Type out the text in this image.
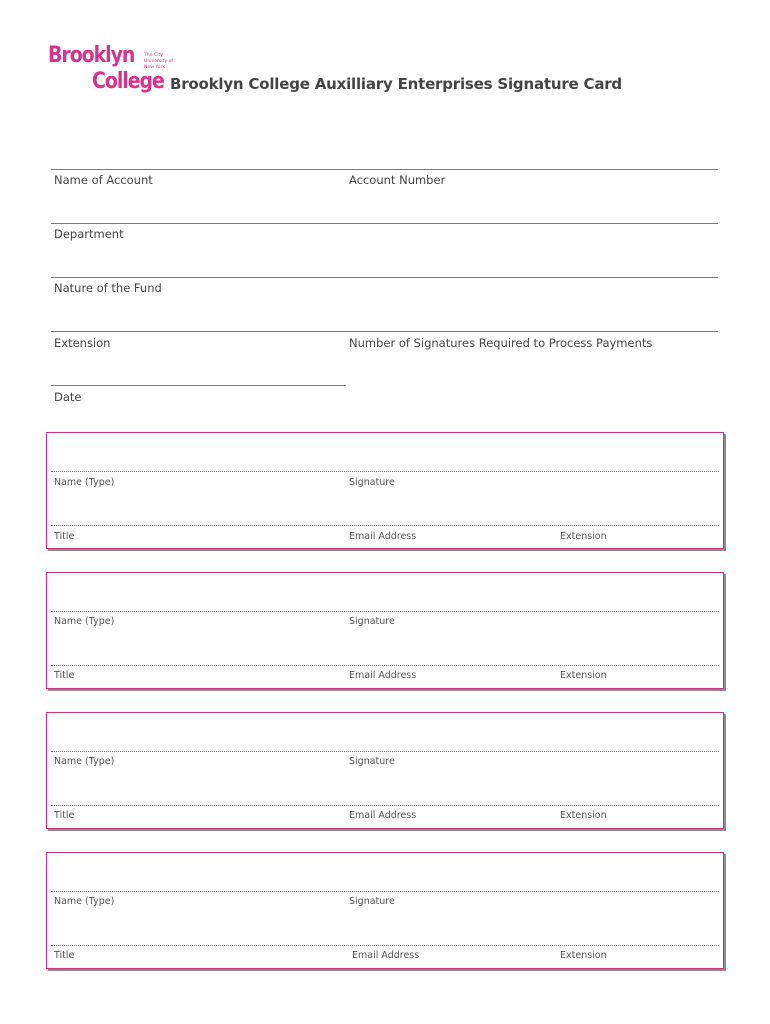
Brooklyn The City University of New York
College Brooklyn College Auxilliary Enterprises Signature Card
Name of Account	Account Number
Department
Nature of the Fund
Extension	Number of Signatures Required to Process Payments
Date
Name (Type)	Signature
Title	Email Address	Extension
Name (Type)	Signature
Title	Email Address	Extension
Name (Type)	Signature
Title	Email Address	Extension
Name (Type)	Signature
Title	Email Address	Extension
